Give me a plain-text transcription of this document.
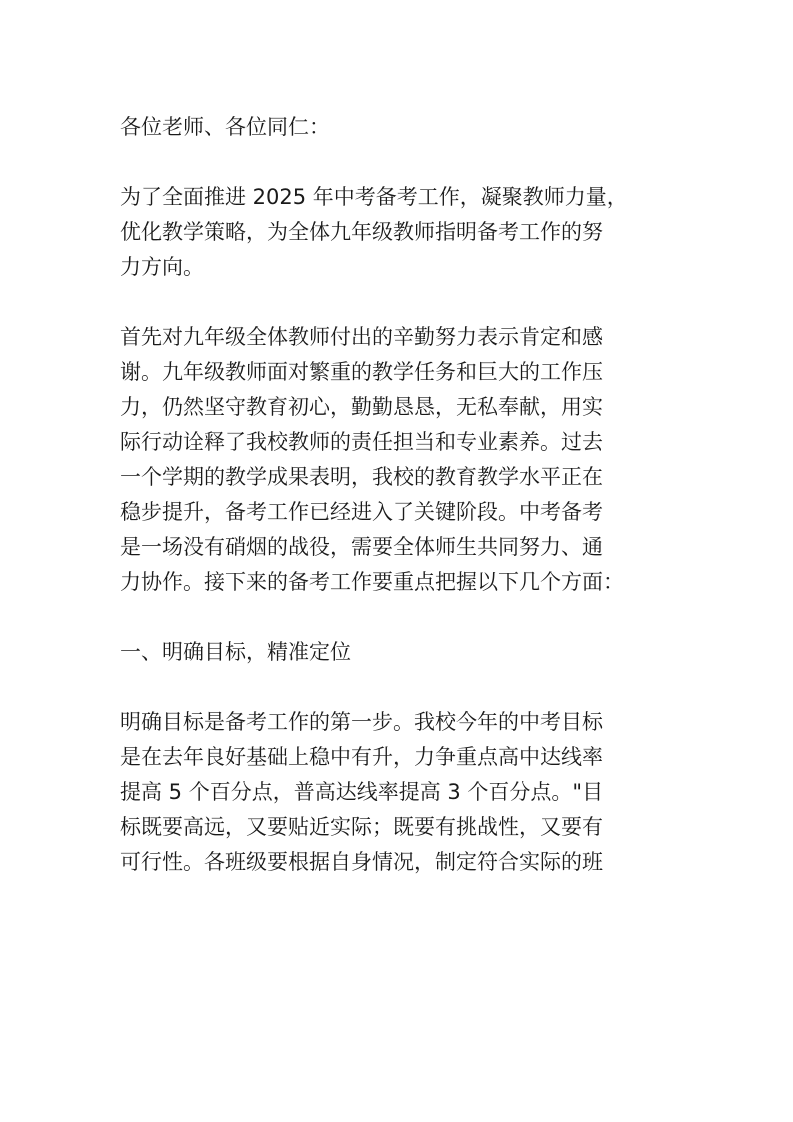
各位老师、各位同仁：

为了全面推进 2025 年中考备考工作，凝聚教师力量，
优化教学策略，为全体九年级教师指明备考工作的努
力方向。

首先对九年级全体教师付出的辛勤努力表示肯定和感
谢。九年级教师面对繁重的教学任务和巨大的工作压
力，仍然坚守教育初心，勤勤恳恳，无私奉献，用实
际行动诠释了我校教师的责任担当和专业素养。过去
一个学期的教学成果表明，我校的教育教学水平正在
稳步提升，备考工作已经进入了关键阶段。中考备考
是一场没有硝烟的战役，需要全体师生共同努力、通
力协作。接下来的备考工作要重点把握以下几个方面：

一、明确目标，精准定位

明确目标是备考工作的第一步。我校今年的中考目标
是在去年良好基础上稳中有升，力争重点高中达线率
提高 5 个百分点，普高达线率提高 3 个百分点。"目
标既要高远，又要贴近实际；既要有挑战性，又要有
可行性。各班级要根据自身情况，制定符合实际的班
